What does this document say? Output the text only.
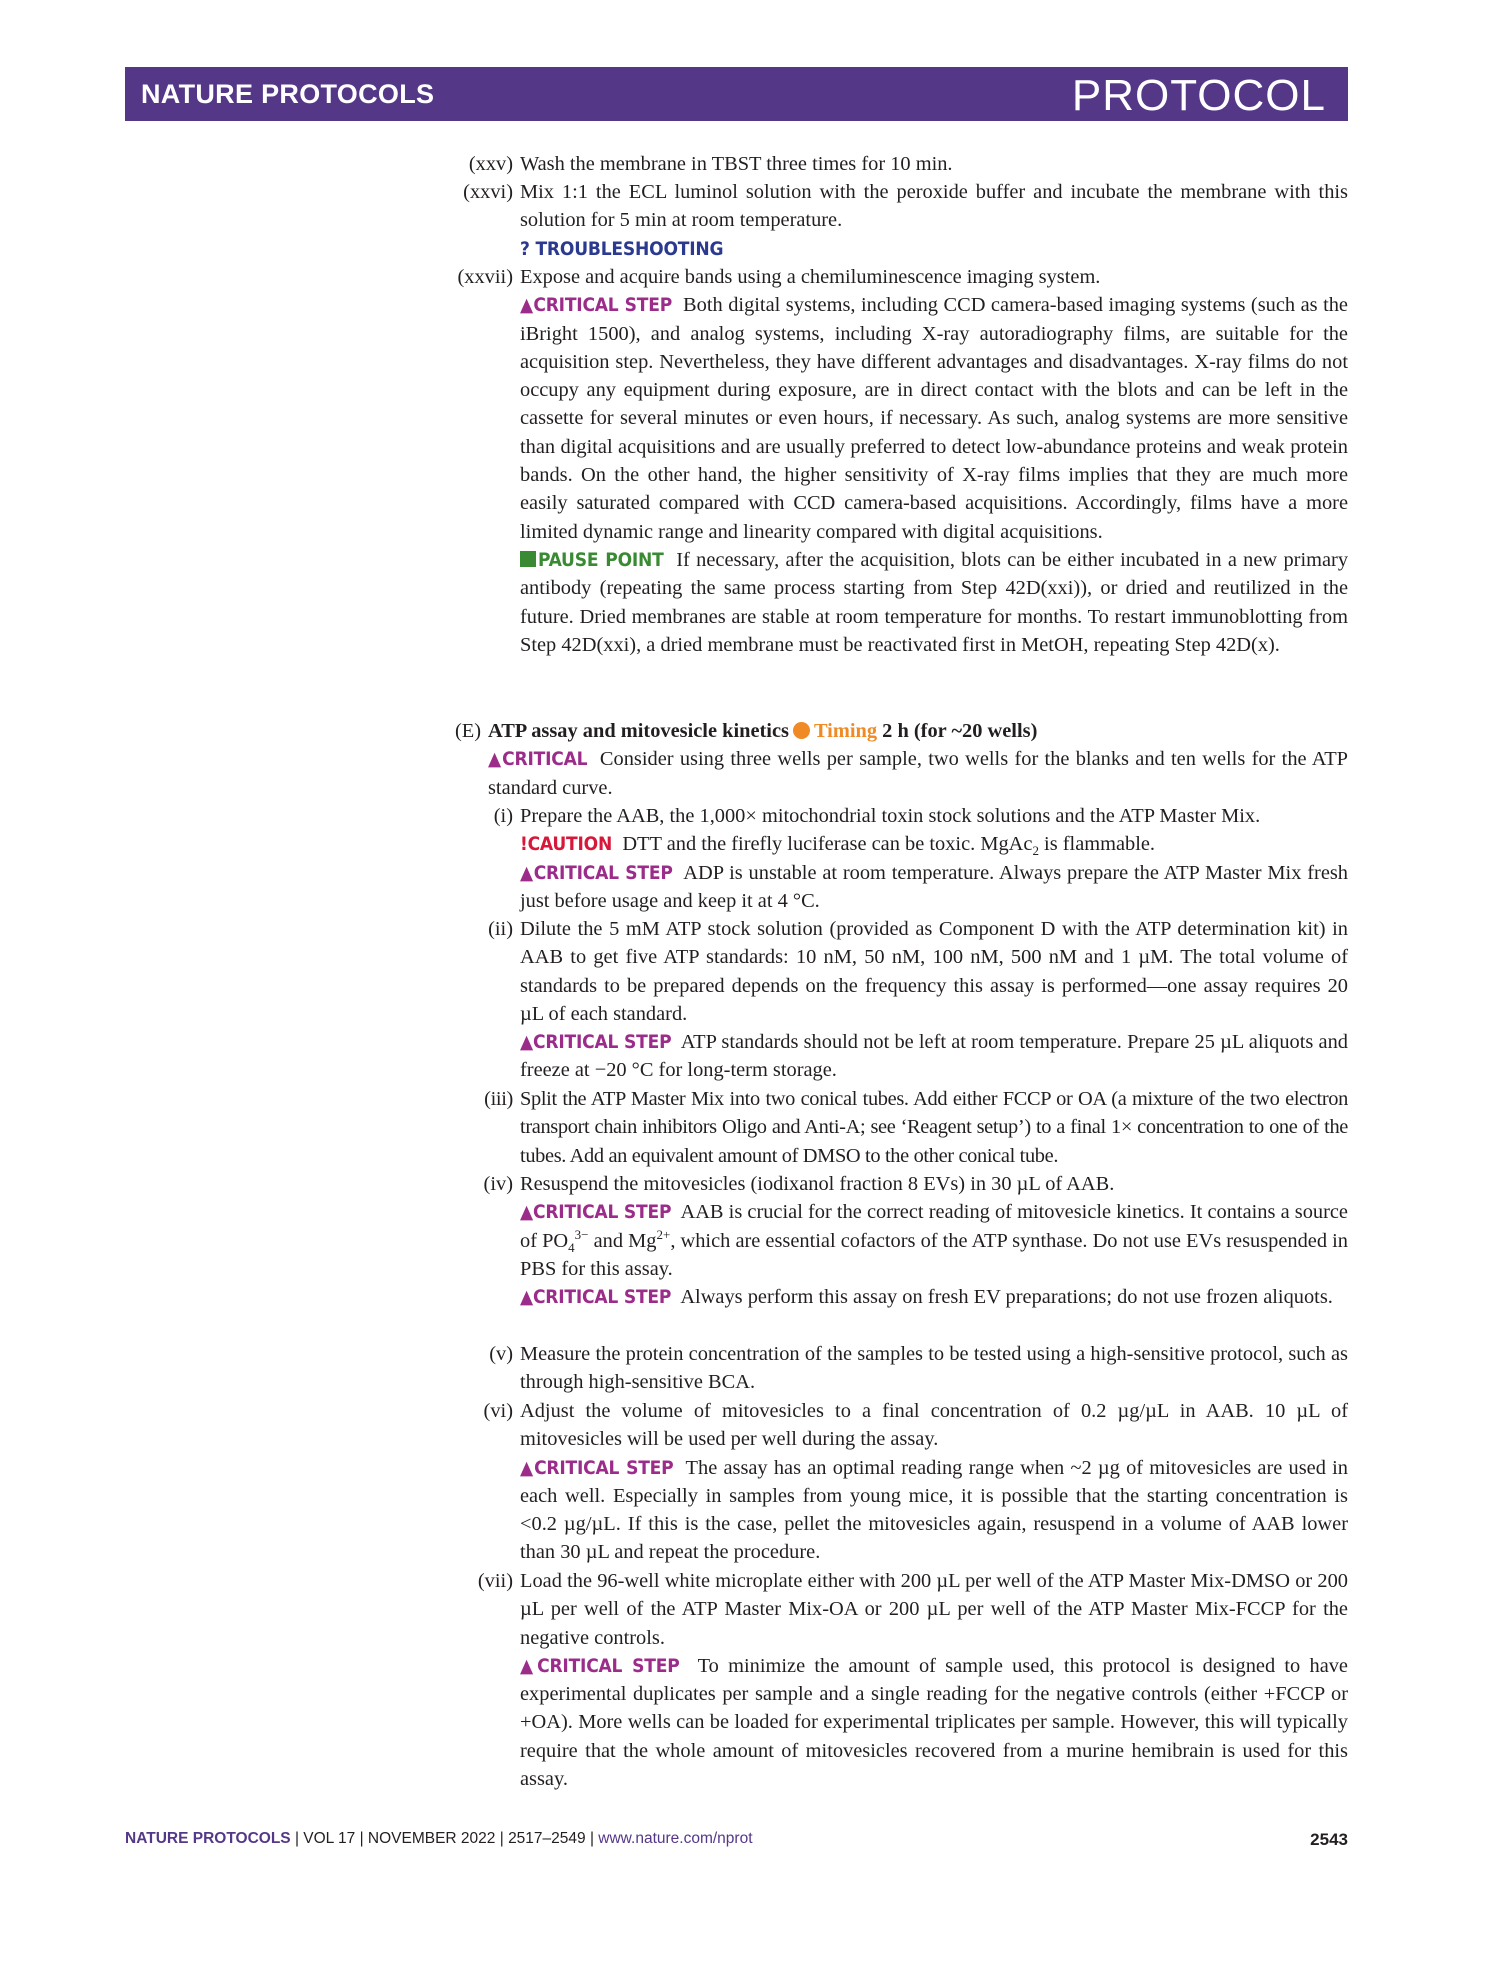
NATURE PROTOCOLS	PROTOCOL
(xxv) Wash the membrane in TBST three times for 10 min.
(xxvi) Mix 1:1 the ECL luminol solution with the peroxide buffer and incubate the membrane with this solution for 5 min at room temperature.
? TROUBLESHOOTING
(xxvii) Expose and acquire bands using a chemiluminescence imaging system.
▲CRITICAL STEP Both digital systems, including CCD camera-based imaging systems (such as the iBright 1500), and analog systems, including X-ray autoradiography films, are suitable for the acquisition step. Nevertheless, they have different advantages and disadvantages. X-ray films do not occupy any equipment during exposure, are in direct contact with the blots and can be left in the cassette for several minutes or even hours, if necessary. As such, analog systems are more sensitive than digital acquisitions and are usually preferred to detect low-abundance proteins and weak protein bands. On the other hand, the higher sensitivity of X-ray films implies that they are much more easily saturated compared with CCD camera-based acquisitions. Accordingly, films have a more limited dynamic range and linearity compared with digital acquisitions.
PAUSE POINT If necessary, after the acquisition, blots can be either incubated in a new primary antibody (repeating the same process starting from Step 42D(xxi)), or dried and reutilized in the future. Dried membranes are stable at room temperature for months. To restart immunoblotting from Step 42D(xxi), a dried membrane must be reactivated first in MetOH, repeating Step 42D(x).
(E) ATP assay and mitovesicle kinetics Timing 2 h (for ~20 wells)
▲CRITICAL Consider using three wells per sample, two wells for the blanks and ten wells for the ATP standard curve.
(i) Prepare the AAB, the 1,000× mitochondrial toxin stock solutions and the ATP Master Mix.
!CAUTION DTT and the firefly luciferase can be toxic. MgAc$_2$ is flammable.
▲CRITICAL STEP ADP is unstable at room temperature. Always prepare the ATP Master Mix fresh just before usage and keep it at 4 °C.
(ii) Dilute the 5 mM ATP stock solution (provided as Component D with the ATP determination kit) in AAB to get five ATP standards: 10 nM, 50 nM, 100 nM, 500 nM and 1 µM. The total volume of standards to be prepared depends on the frequency this assay is performed—one assay requires 20 µL of each standard.
▲CRITICAL STEP ATP standards should not be left at room temperature. Prepare 25 µL aliquots and freeze at −20 °C for long-term storage.
(iii) Split the ATP Master Mix into two conical tubes. Add either FCCP or OA (a mixture of the two electron transport chain inhibitors Oligo and Anti-A; see ‘Reagent setup’) to a final 1× concentration to one of the tubes. Add an equivalent amount of DMSO to the other conical tube.
(iv) Resuspend the mitovesicles (iodixanol fraction 8 EVs) in 30 µL of AAB.
▲CRITICAL STEP AAB is crucial for the correct reading of mitovesicle kinetics. It contains a source of $PO_4^{3-}$ and $Mg^{2+}$, which are essential cofactors of the ATP synthase. Do not use EVs resuspended in PBS for this assay.
▲CRITICAL STEP Always perform this assay on fresh EV preparations; do not use frozen aliquots.
(v) Measure the protein concentration of the samples to be tested using a high-sensitive protocol, such as through high-sensitive BCA.
(vi) Adjust the volume of mitovesicles to a final concentration of 0.2 µg/µL in AAB. 10 µL of mitovesicles will be used per well during the assay.
▲CRITICAL STEP The assay has an optimal reading range when ~2 µg of mitovesicles are used in each well. Especially in samples from young mice, it is possible that the starting concentration is <0.2 µg/µL. If this is the case, pellet the mitovesicles again, resuspend in a volume of AAB lower than 30 µL and repeat the procedure.
(vii) Load the 96-well white microplate either with 200 µL per well of the ATP Master Mix-DMSO or 200 µL per well of the ATP Master Mix-OA or 200 µL per well of the ATP Master Mix-FCCP for the negative controls.
▲CRITICAL STEP To minimize the amount of sample used, this protocol is designed to have experimental duplicates per sample and a single reading for the negative controls (either +FCCP or +OA). More wells can be loaded for experimental triplicates per sample. However, this will typically require that the whole amount of mitovesicles recovered from a murine hemibrain is used for this assay.
NATURE PROTOCOLS | VOL 17 | NOVEMBER 2022 | 2517–2549 | www.nature.com/nprot	2543
